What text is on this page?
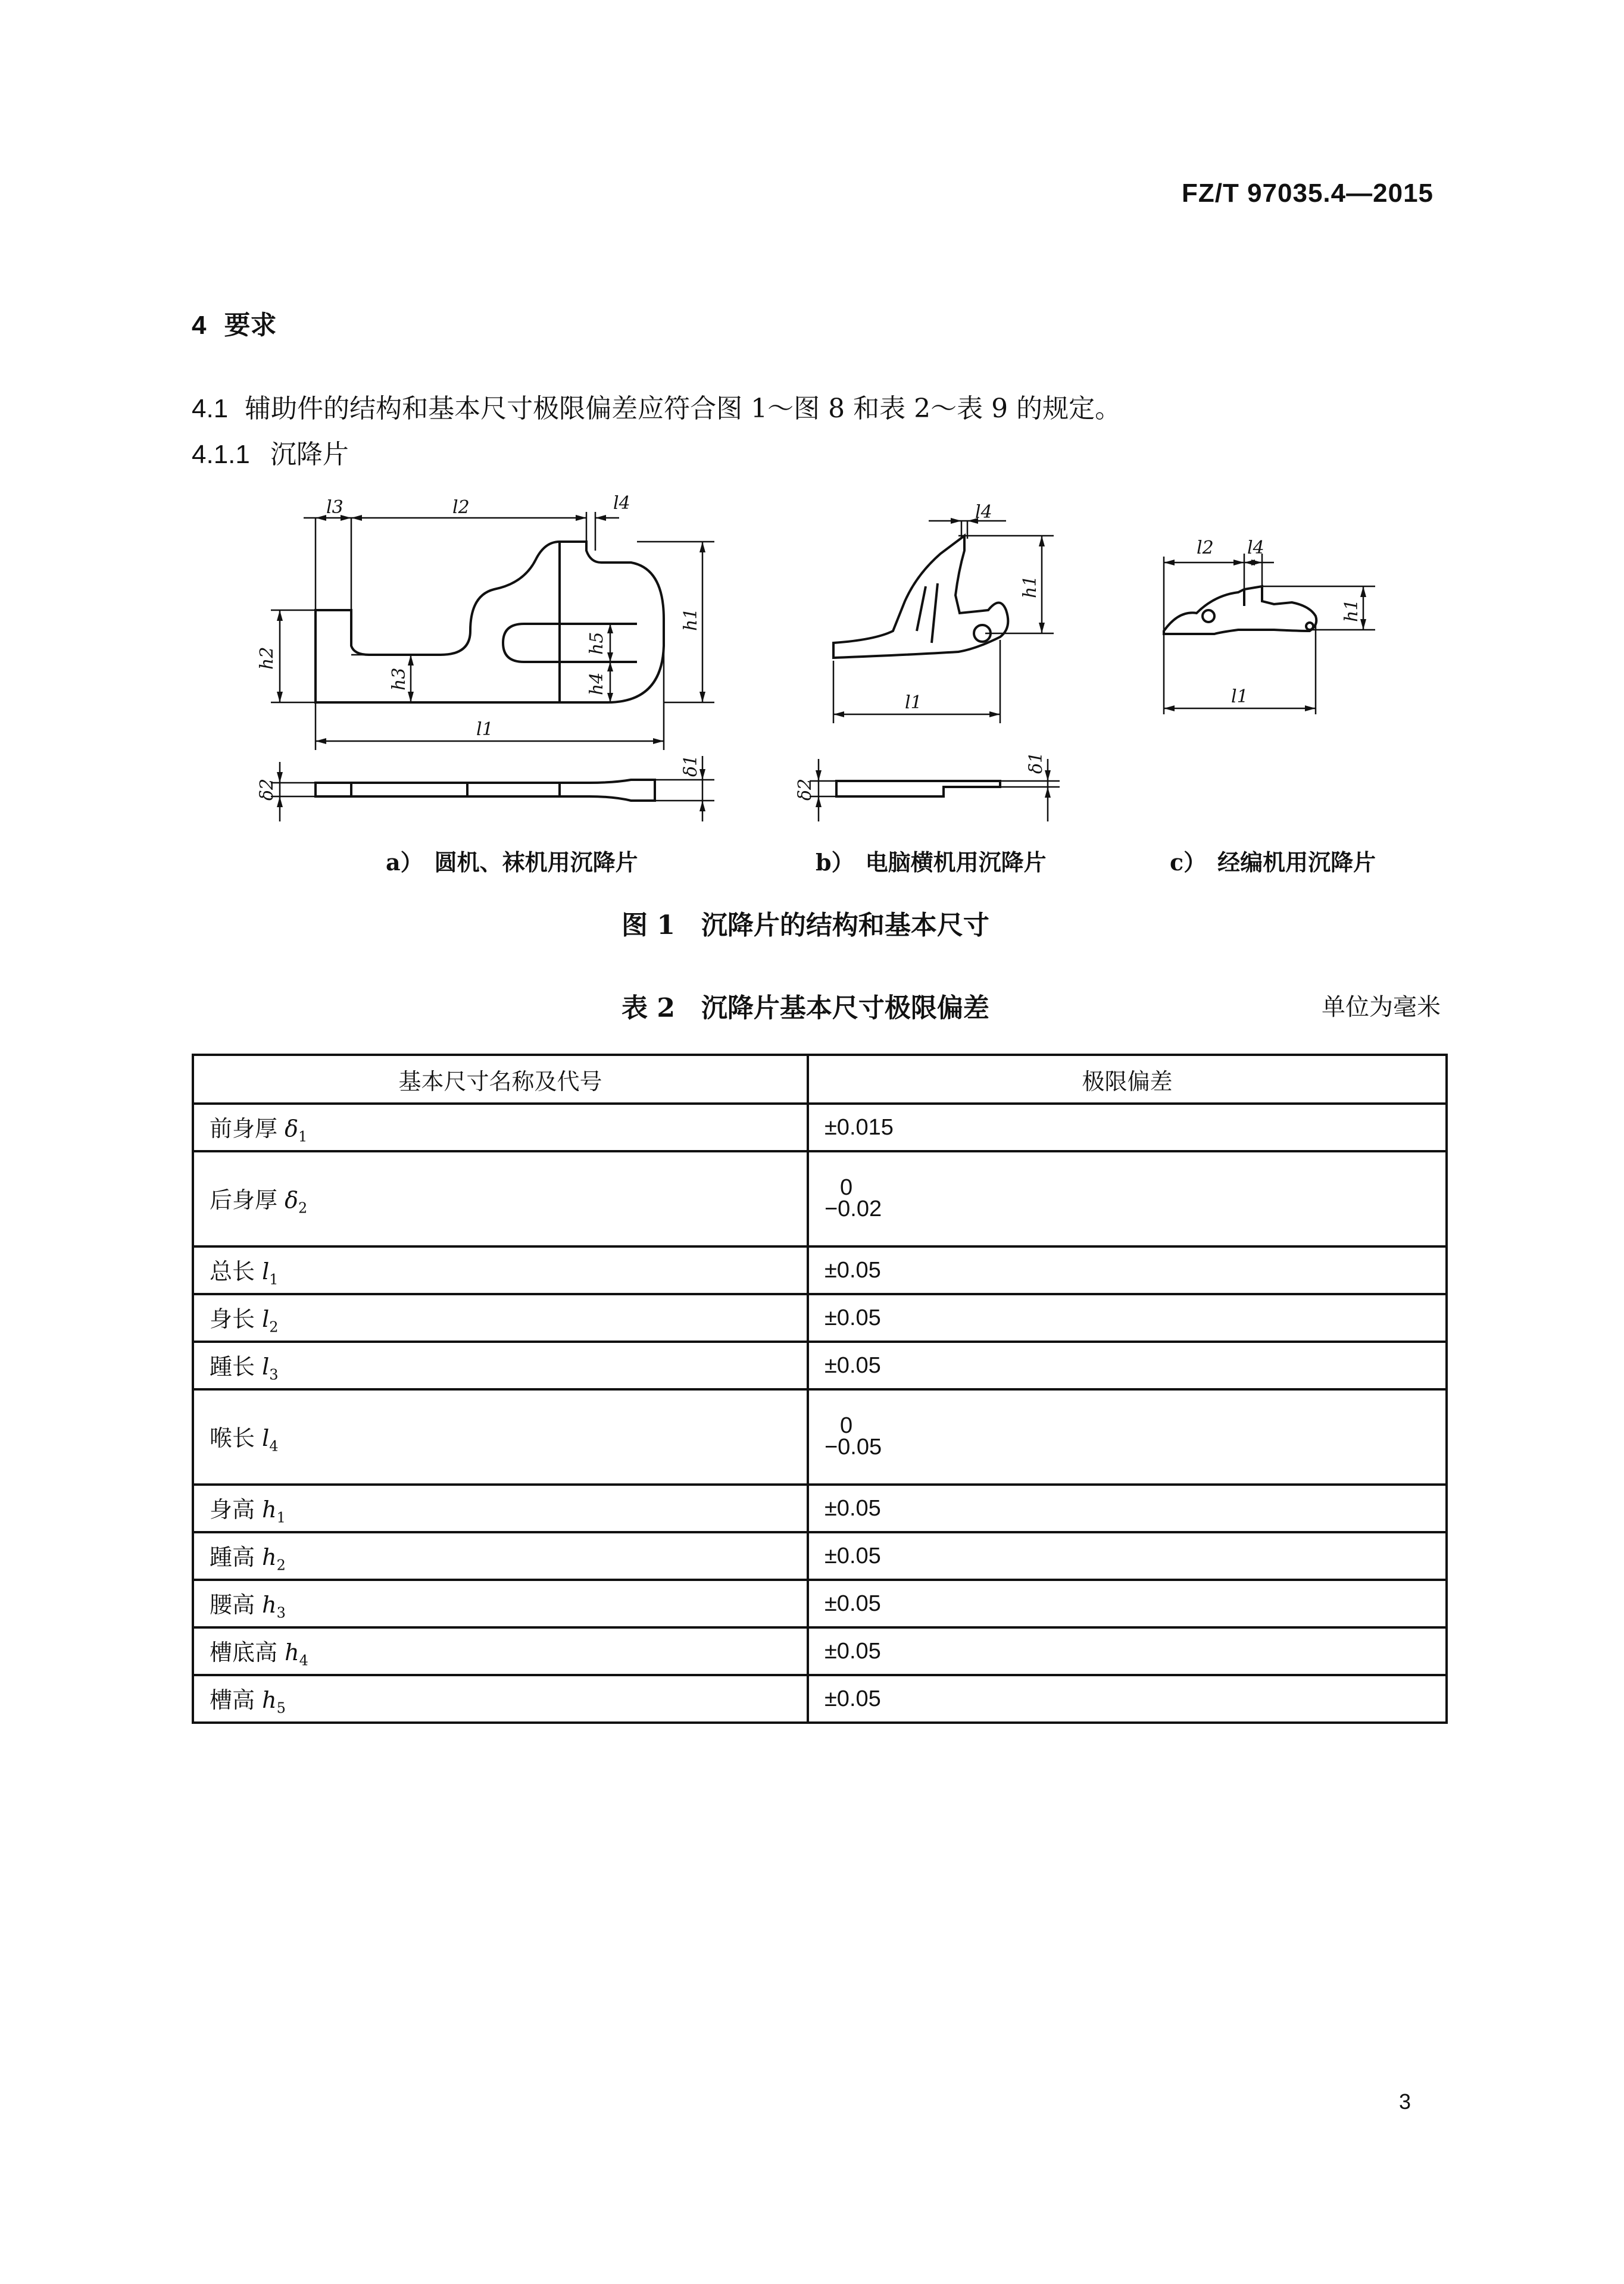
FZ/T 97035.4—2015
4 要求
4.1 辅助件的结构和基本尺寸极限偏差应符合图 1～图 8 和表 2～表 9 的规定。
4.1.1 沉降片
l3	l2	l4
l1
h2
h3
h5
h4
h1
δ2
δ1
l4
h1
l1
δ2
δ1
l2 l4
h1
l1
a）　 圆机、袜机用沉降片	b）　 电脑横机用沉降片	c）　 经编机用沉降片
图 1　沉降片的结构和基本尺寸
表 2　沉降片基本尺寸极限偏差	单位为毫米
基本尺寸名称及代号	极限偏差
前身厚 $\delta_1$	±0.015
后身厚 $\delta_2$	0
−0.02

总长 $l_1$	±0.05
身长 $l_2$	±0.05
踵长 $l_3$	±0.05
喉长 $l_4$	0
−0.05

身高 $h_1$	±0.05
踵高 $h_2$	±0.05
腰高 $h_3$	±0.05
槽底高 $h_4$	±0.05
槽高 $h_5$	±0.05
3
